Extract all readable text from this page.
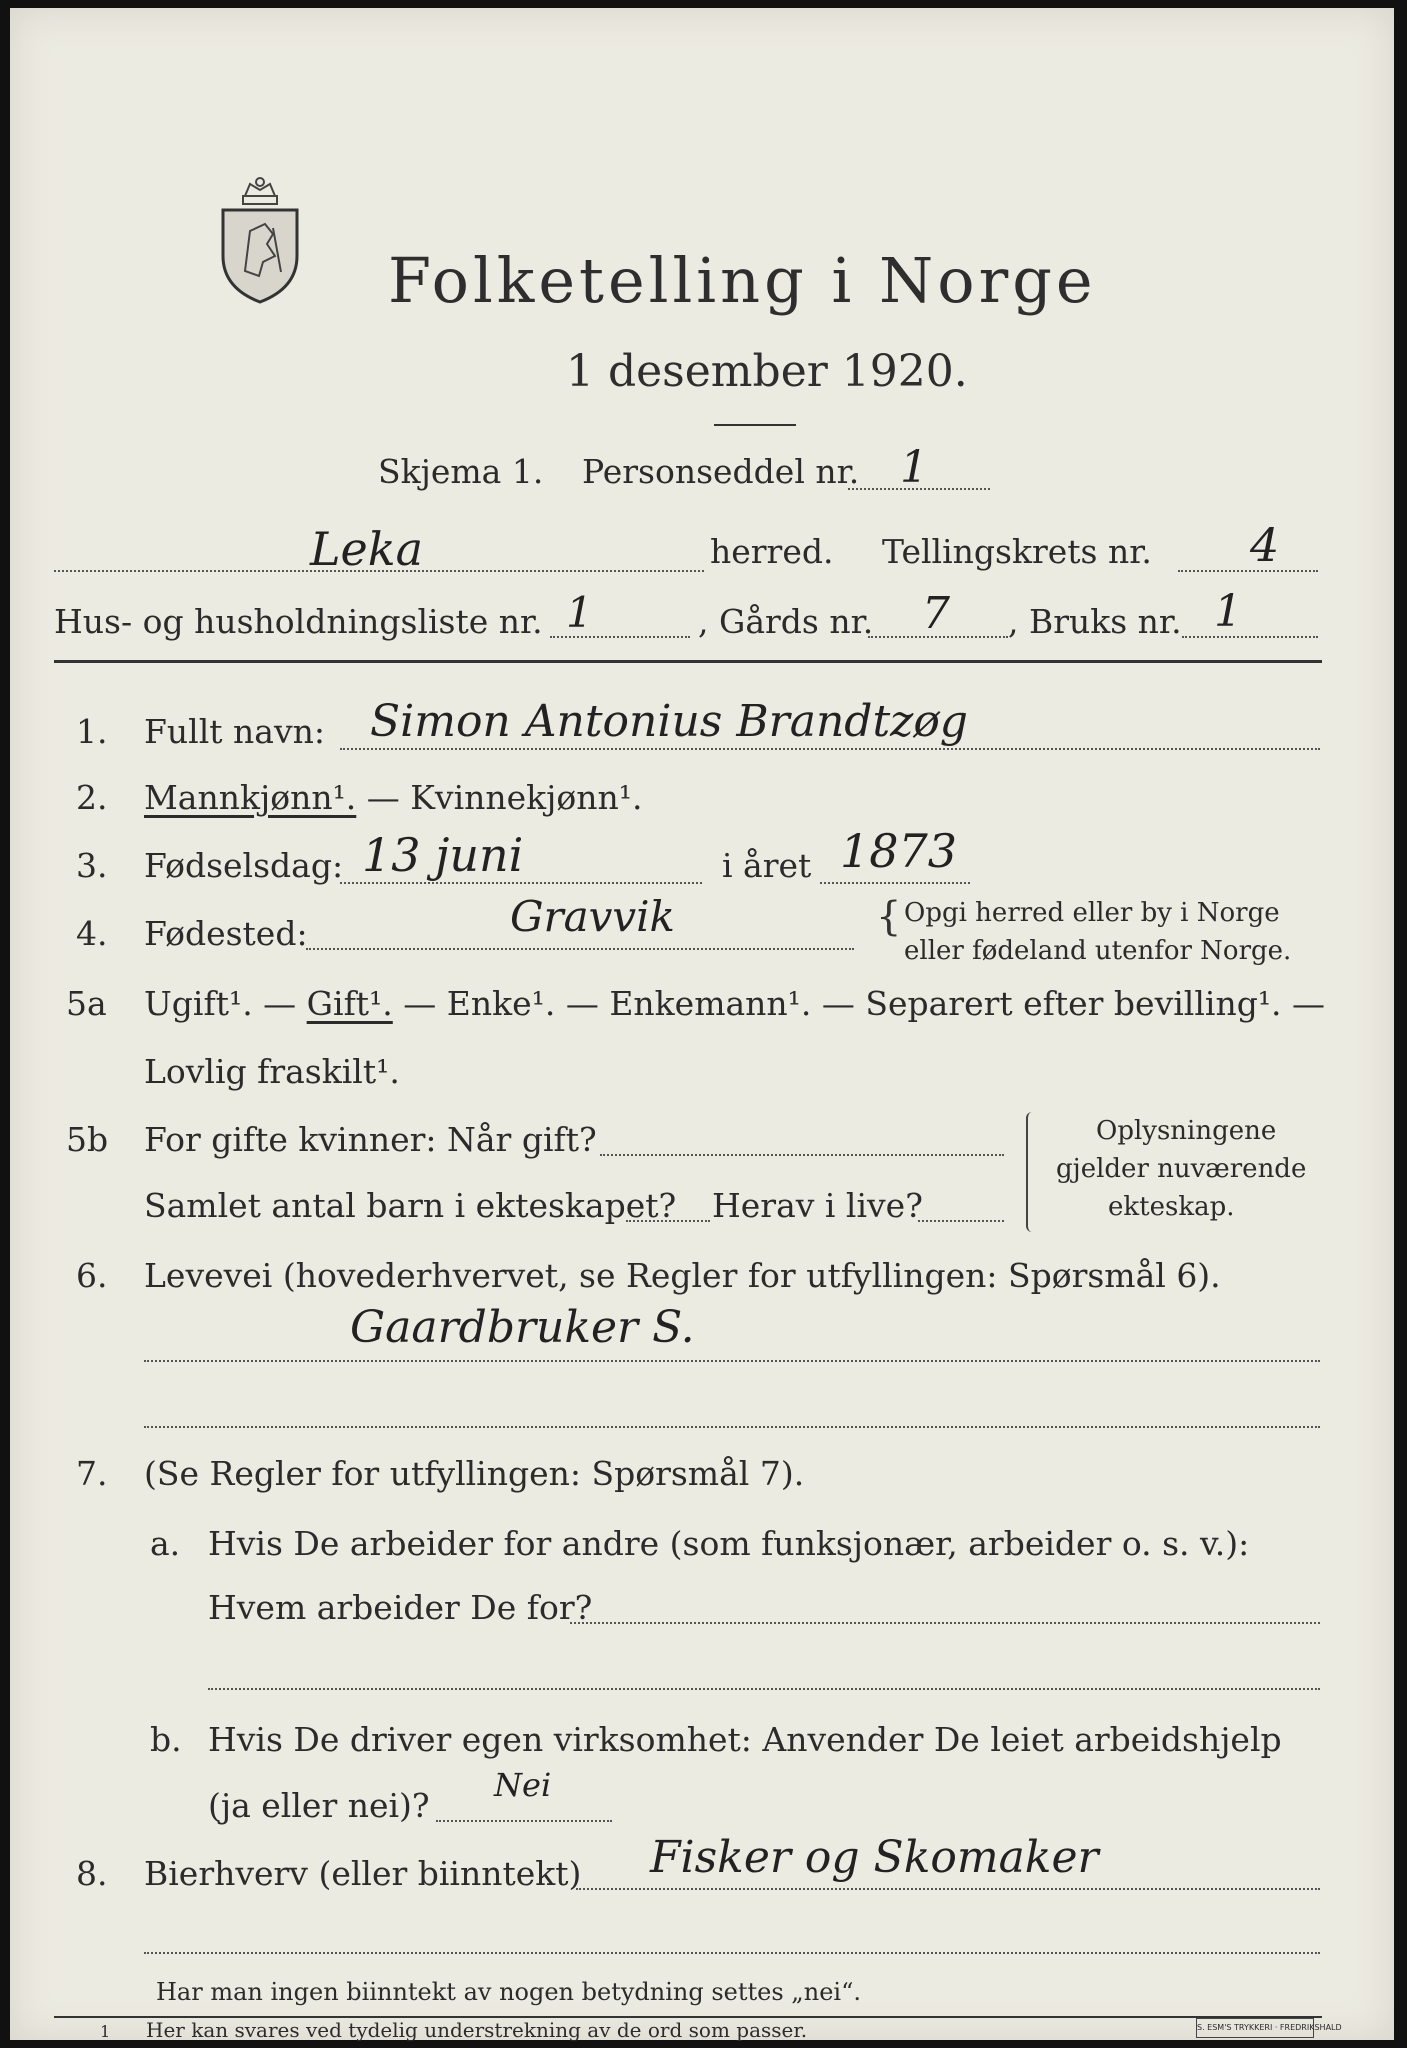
Folketelling i Norge
1 desember 1920.
Skjema 1. Personseddel nr. 1
Leka	herred. Tellingskrets nr. 4
Hus- og husholdningsliste nr. 1	, Gårds nr. 7 , Bruks nr. 1
1. Fullt navn: Simon Antonius Brandtzøg
2. Mannkjønn¹. — Kvinnekjønn¹.
3. Fødselsdag: 13 juni	i året 1873
4. Fødested:	Gravvik	{ Opgi herred eller by i Norge
eller fødeland utenfor Norge.
5a Ugift¹. — Gift¹. — Enke¹. — Enkemann¹. — Separert efter bevilling¹. —
Lovlig fraskilt¹.
5b For gifte kvinner: Når gift?
Samlet antal barn i ekteskapet? Herav i live?
Oplysningene
gjelder nuværende
ekteskap.
6. Levevei (hovederhvervet, se Regler for utfyllingen: Spørsmål 6).
Gaardbruker S.
7. (Se Regler for utfyllingen: Spørsmål 7).
a. Hvis De arbeider for andre (som funksjonær, arbeider o. s. v.):
Hvem arbeider De for?
b. Hvis De driver egen virksomhet: Anvender De leiet arbeidshjelp
(ja eller nei)?
Nei
8. Bierhverv (eller biinntekt) Fisker og Skomaker
Har man ingen biinntekt av nogen betydning settes „nei“.
1 Her kan svares ved tydelig understrekning av de ord som passer.	S. ESM'S TRYKKERI · FREDRIKSHALD
